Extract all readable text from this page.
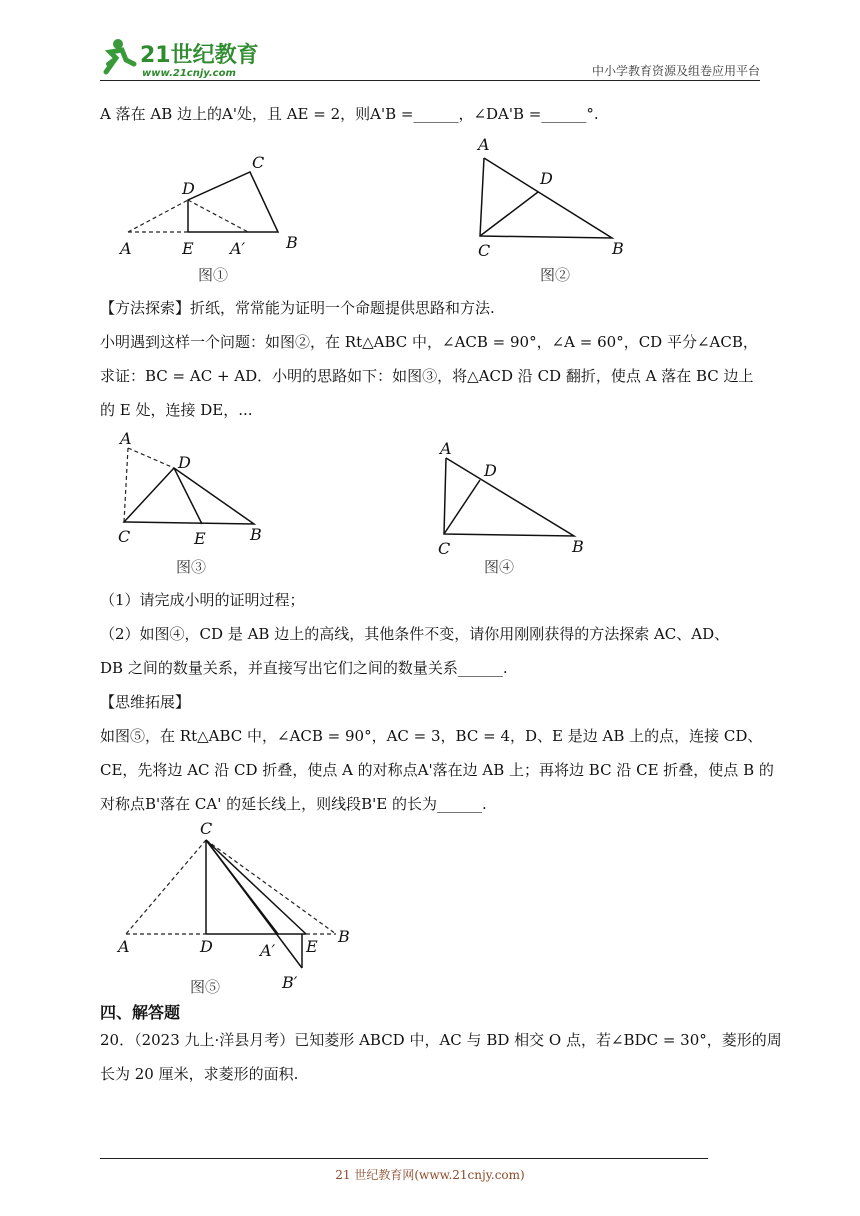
21世纪教育
www.21cnjy.com	中小学教育资源及组卷应用平台
A 落在 AB 边上的A'处，且 AE = 2，则A'B =______，∠DA'B =______°.
A	E A′	B
D
C
图①
A
D
C	B
图②
【方法探索】折纸，常常能为证明一个命题提供思路和方法.
小明遇到这样一个问题：如图②，在 Rt△ABC 中，∠ACB = 90°，∠A = 60°，CD 平分∠ACB，
求证：BC = AC + AD．小明的思路如下：如图③，将△ACD 沿 CD 翻折，使点 A 落在 BC 边上
的 E 处，连接 DE，...
A
D
C	E	B
图③
A
D
C	B
图④
（1）请完成小明的证明过程；
（2）如图④，CD 是 AB 边上的高线，其他条件不变，请你用刚刚获得的方法探索 AC、AD、
DB 之间的数量关系，并直接写出它们之间的数量关系______.
【思维拓展】
如图⑤，在 Rt△ABC 中，∠ACB = 90°，AC = 3，BC = 4，D、E 是边 AB 上的点，连接 CD、
CE，先将边 AC 沿 CD 折叠，使点 A 的对称点A'落在边 AB 上；再将边 BC 沿 CE 折叠，使点 B 的
对称点B'落在 CA' 的延长线上，则线段B'E 的长为______.
C
A	D	A′ E
B
B′
图⑤
四、解答题
20．（2023 九上·洋县月考）已知菱形 ABCD 中，AC 与 BD 相交 O 点，若∠BDC = 30°，菱形的周
长为 20 厘米，求菱形的面积.
21 世纪教育网(www.21cnjy.com)
